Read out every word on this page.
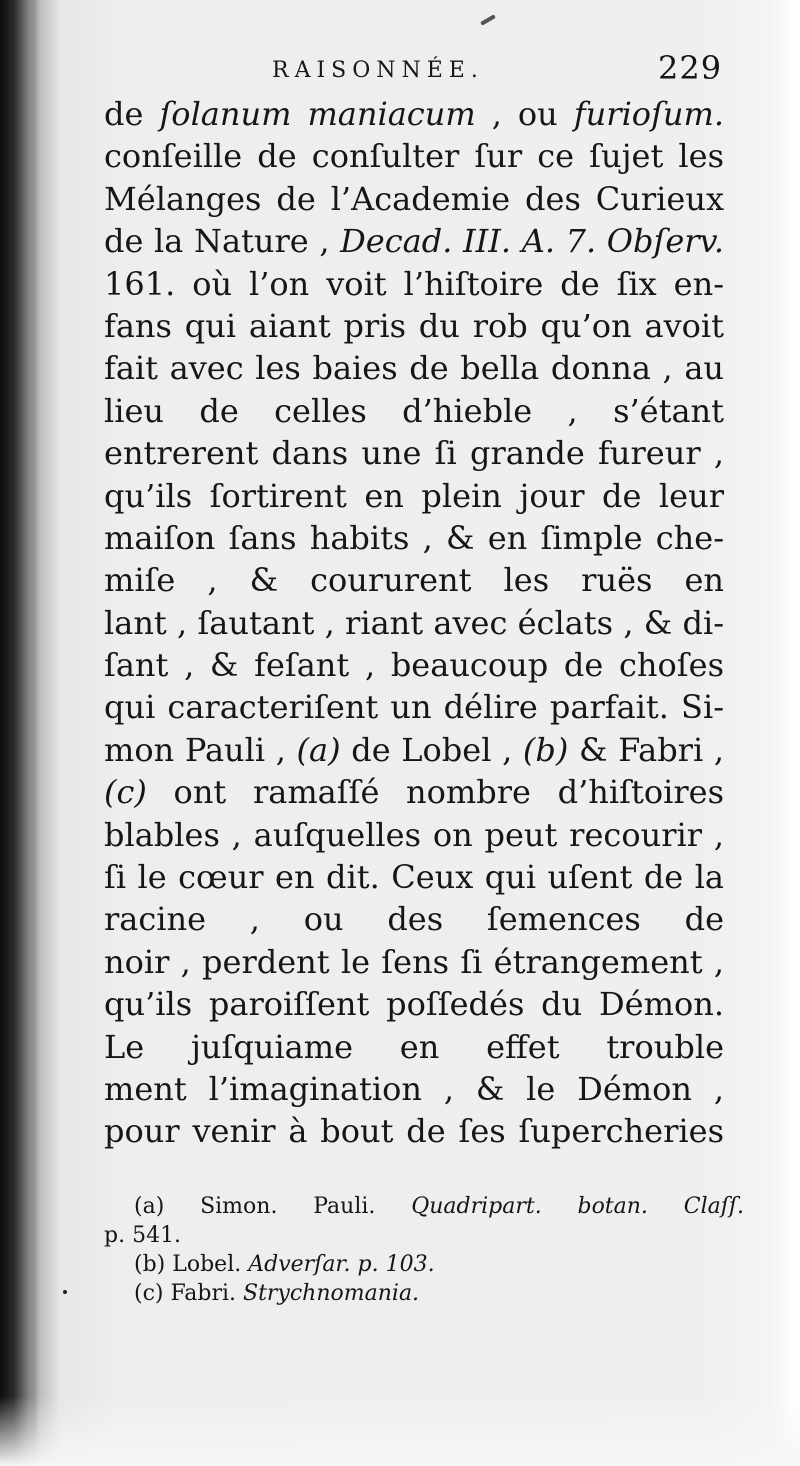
RAISONNÉE.	229
de ſolanum maniacum , ou furioſum.
conſeille de conſulter ſur ce ſujet les
Mélanges de l’Academie des Curieux
de la Nature , Decad. III. A. 7. Obſerv.
161. où l’on voit l’hiſtoire de ſix en-
fans qui aiant pris du rob qu’on avoit
fait avec les baies de bella donna , au
lieu de celles d’hieble , s’étant
entrerent dans une ſi grande fureur ,
qu’ils ſortirent en plein jour de leur
maiſon ſans habits , & en ſimple che-
miſe , & coururent les ruës en
lant , ſautant , riant avec éclats , & di-
ſant , & feſant , beaucoup de choſes
qui caracteriſent un délire parfait. Si-
mon Pauli , (a) de Lobel , (b) & Fabri ,
(c) ont ramaſſé nombre d’hiſtoires
blables , auſquelles on peut recourir ,
ſi le cœur en dit. Ceux qui uſent de la
racine , ou des ſemences de
noir , perdent le ſens ſi étrangement ,
qu’ils paroiſſent poſſedés du Démon.
Le juſquiame en effet trouble
ment l’imagination , & le Démon ,
pour venir à bout de ſes ſupercheries
(a) Simon. Pauli. Quadripart. botan. Claſſ.
p. 541.
(b) Lobel. Adverſar. p. 103.
(c) Fabri. Strychnomania.
